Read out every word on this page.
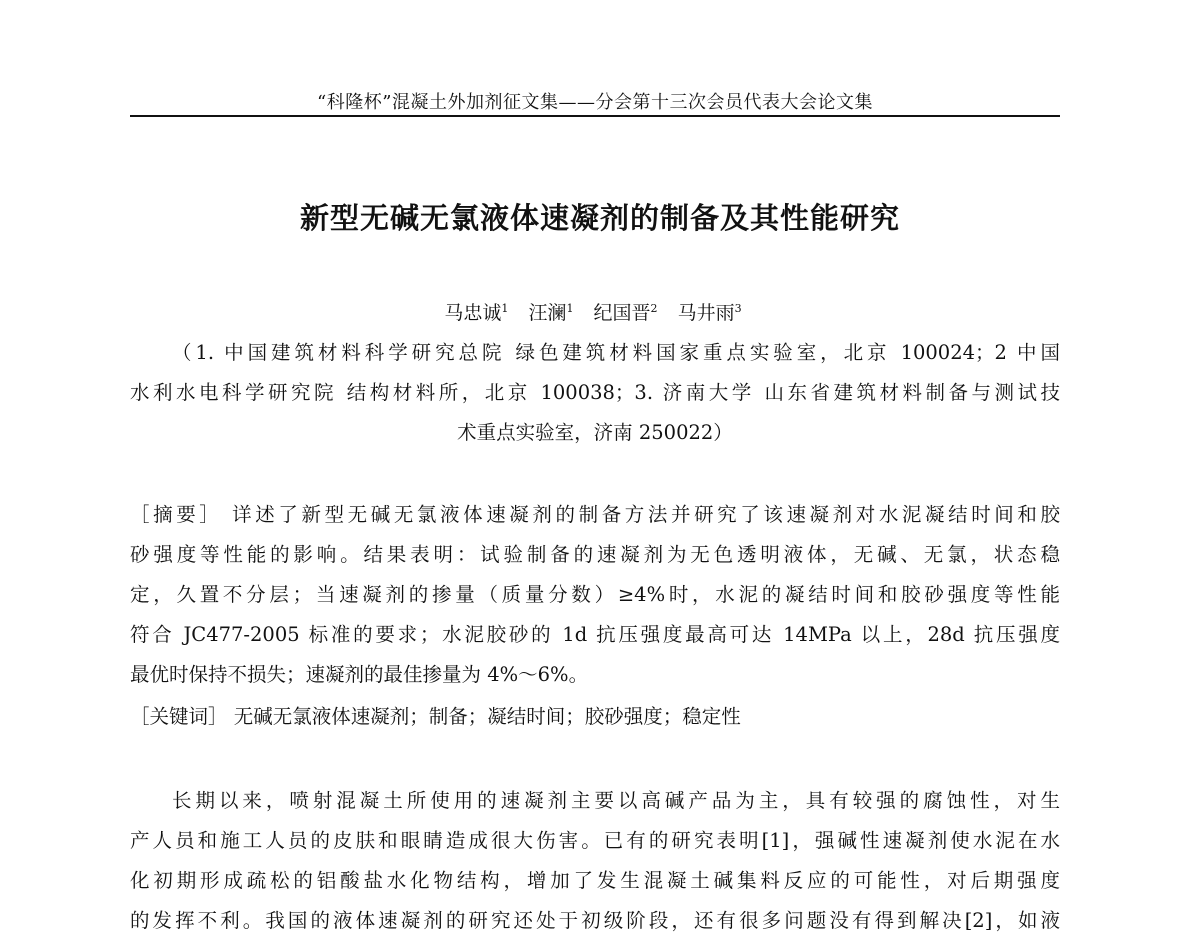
“科隆杯”混凝土外加剂征文集——分会第十三次会员代表大会论文集
新型无碱无氯液体速凝剂的制备及其性能研究
马忠诚$^1$ 汪澜$^1$ 纪国晋$^2$ 马井雨$^3$
（1. 中国建筑材料科学研究总院 绿色建筑材料国家重点实验室，北京 100024；2 中国
水利水电科学研究院 结构材料所，北京 100038；3. 济南大学 山东省建筑材料制备与测试技
术重点实验室，济南 250022）
［摘要］ 详述了新型无碱无氯液体速凝剂的制备方法并研究了该速凝剂对水泥凝结时间和胶
砂强度等性能的影响。结果表明：试验制备的速凝剂为无色透明液体，无碱、无氯，状态稳
定，久置不分层；当速凝剂的掺量（质量分数）≥4%时，水泥的凝结时间和胶砂强度等性能
符合 JC477-2005 标准的要求；水泥胶砂的 1d 抗压强度最高可达 14MPa 以上，28d 抗压强度
最优时保持不损失；速凝剂的最佳掺量为 4%～6%。
［关键词］ 无碱无氯液体速凝剂；制备；凝结时间；胶砂强度；稳定性
长期以来，喷射混凝土所使用的速凝剂主要以高碱产品为主，具有较强的腐蚀性，对生
产人员和施工人员的皮肤和眼睛造成很大伤害。已有的研究表明[1]，强碱性速凝剂使水泥在水
化初期形成疏松的铝酸盐水化物结构，增加了发生混凝土碱集料反应的可能性，对后期强度
的发挥不利。我国的液体速凝剂的研究还处于初级阶段，还有很多问题没有得到解决[2]，如液
